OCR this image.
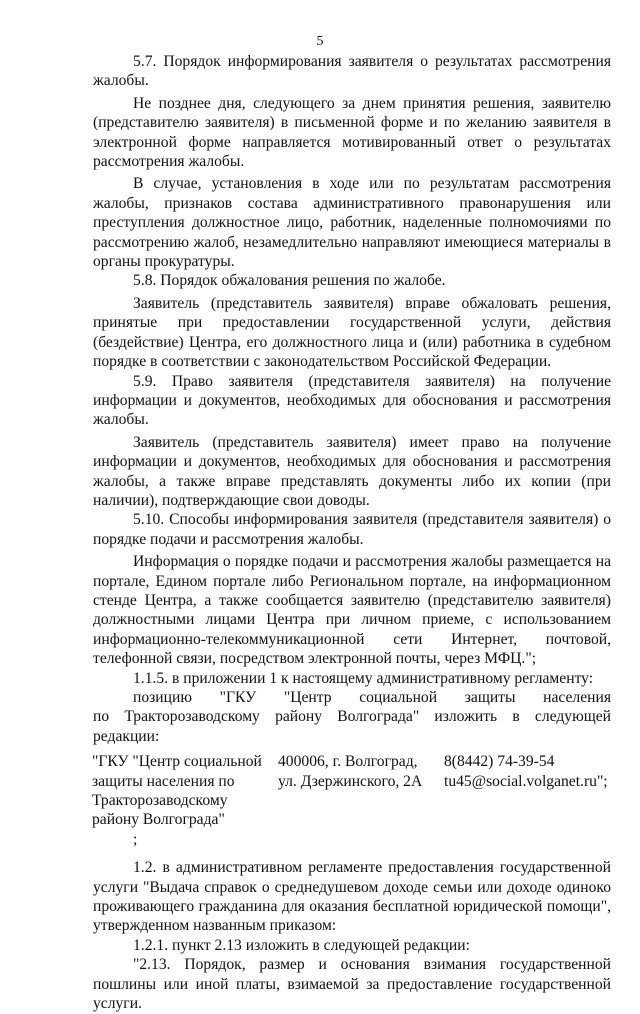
5

5.7. Порядок информирования заявителя о результатах рассмотрения жалобы.

Не позднее дня, следующего за днем принятия решения, заявителю (представителю заявителя) в письменной форме и по желанию заявителя в электронной форме направляется мотивированный ответ о результатах рассмотрения жалобы.

В случае, установления в ходе или по результатам рассмотрения жалобы, признаков состава административного правонарушения или преступления должностное лицо, работник, наделенные полномочиями по рассмотрению жалоб, незамедлительно направляют имеющиеся материалы в органы прокуратуры.

5.8. Порядок обжалования решения по жалобе.

Заявитель (представитель заявителя) вправе обжаловать решения, принятые при предоставлении государственной услуги, действия (бездействие) Центра, его должностного лица и (или) работника в судебном порядке в соответствии с законодательством Российской Федерации.

5.9. Право заявителя (представителя заявителя) на получение информации и документов, необходимых для обоснования и рассмотрения жалобы.

Заявитель (представитель заявителя) имеет право на получение информации и документов, необходимых для обоснования и рассмотрения жалобы, а также вправе представлять документы либо их копии (при наличии), подтверждающие свои доводы.

5.10. Способы информирования заявителя (представителя заявителя) о порядке подачи и рассмотрения жалобы.

Информация о порядке подачи и рассмотрения жалобы размещается на портале, Едином портале либо Региональном портале, на информационном стенде Центра, а также сообщается заявителю (представителю заявителя) должностными лицами Центра при личном приеме, с использованием информационно-телекоммуникационной сети Интернет, почтовой, телефонной связи, посредством электронной почты, через МФЦ.";

1.1.5. в приложении 1 к настоящему административному регламенту:

позицию "ГКУ "Центр социальной защиты населения

по Тракторозаводскому району Волгограда" изложить в следующей редакции:

"ГКУ "Центр социальной
защиты населения по
Тракторозаводскому
району Волгограда"
400006, г. Волгоград,
ул. Дзержинского, 2А
8(8442) 74-39-54
tu45@social.volganet.ru";

;

1.2. в административном регламенте предоставления государственной услуги "Выдача справок о среднедушевом доходе семьи или доходе одиноко проживающего гражданина для оказания бесплатной юридической помощи", утвержденном названным приказом:

1.2.1. пункт 2.13 изложить в следующей редакции:

"2.13. Порядок, размер и основания взимания государственной пошлины или иной платы, взимаемой за предоставление государственной услуги.
